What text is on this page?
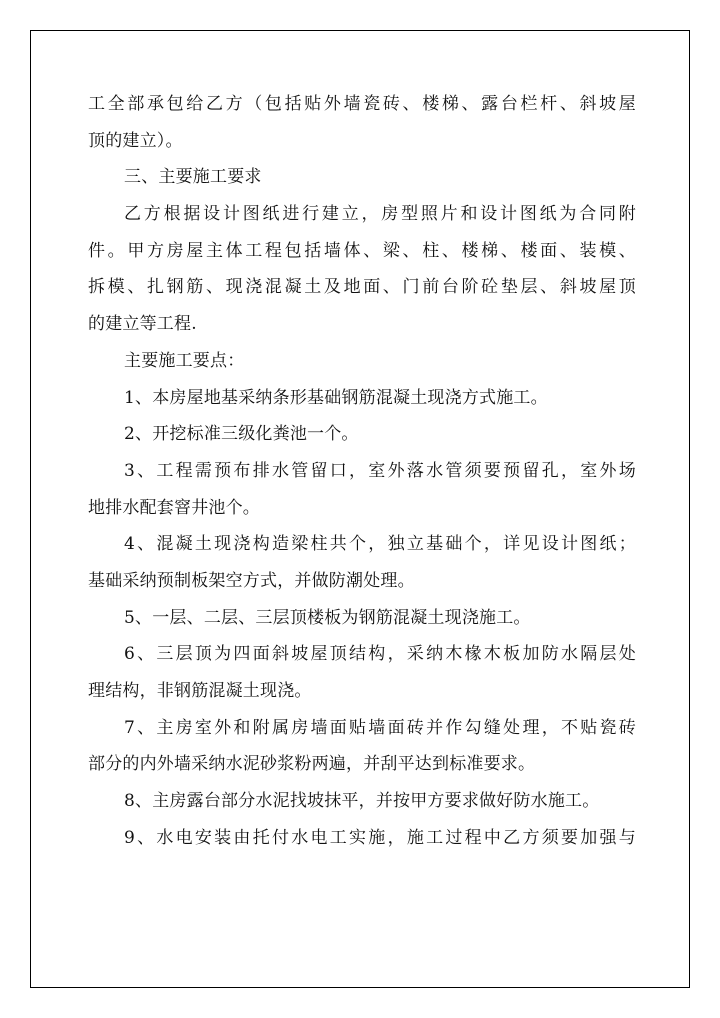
工全部承包给乙方（包括贴外墙瓷砖、楼梯、露台栏杆、斜坡屋
顶的建立）。
三、主要施工要求
乙方根据设计图纸进行建立，房型照片和设计图纸为合同附
件。甲方房屋主体工程包括墙体、梁、柱、楼梯、楼面、装模、
拆模、扎钢筋、现浇混凝土及地面、门前台阶砼垫层、斜坡屋顶
的建立等工程.
主要施工要点：
1、本房屋地基采纳条形基础钢筋混凝土现浇方式施工。
2、开挖标准三级化粪池一个。
3、工程需预布排水管留口，室外落水管须要预留孔，室外场
地排水配套窨井池个。
4、混凝土现浇构造梁柱共个，独立基础个，详见设计图纸；
基础采纳预制板架空方式，并做防潮处理。
5、一层、二层、三层顶楼板为钢筋混凝土现浇施工。
6、三层顶为四面斜坡屋顶结构，采纳木椽木板加防水隔层处
理结构，非钢筋混凝土现浇。
7、主房室外和附属房墙面贴墙面砖并作勾缝处理，不贴瓷砖
部分的内外墙采纳水泥砂浆粉两遍，并刮平达到标准要求。
8、主房露台部分水泥找坡抹平，并按甲方要求做好防水施工。
9、水电安装由托付水电工实施，施工过程中乙方须要加强与
